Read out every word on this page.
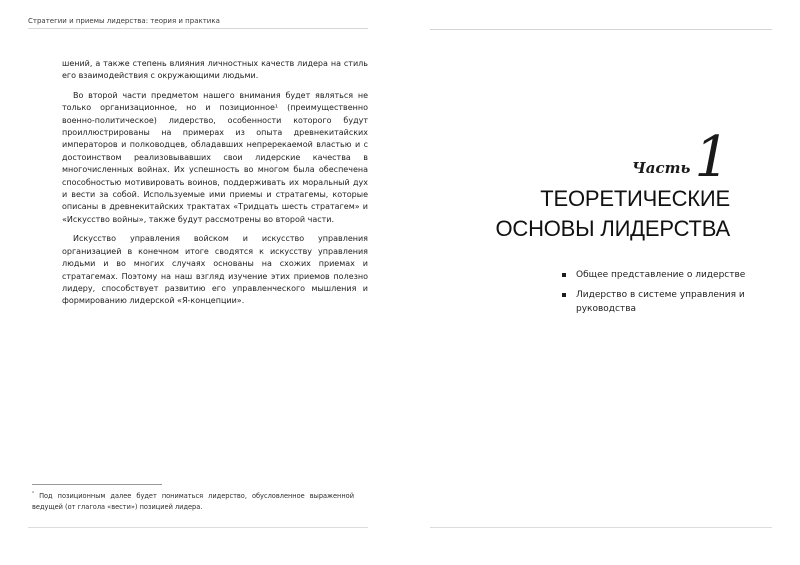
Стратегии и приемы лидерства: теория и практика

шений, а также степень влияния личностных качеств лидера на стиль его взаимодействия с окружающими людьми.

Во второй части предметом нашего внимания будет являться не только организационное, но и позиционное¹ (преимущественно военно-политическое) лидерство, особенности которого будут проиллюстрированы на примерах из опыта древнекитайских императоров и полководцев, обладавших непререкаемой властью и с достоинством реализовывавших свои лидерские качества в многочисленных войнах. Их успешность во многом была обеспечена способностью мотивировать воинов, поддерживать их моральный дух и вести за собой. Используемые ими приемы и стратагемы, которые описаны в древнекитайских трактатах «Тридцать шесть стратагем» и «Искусство войны», также будут рассмотрены во второй части.

Искусство управления войском и искусство управления организацией в конечном итоге сводятся к искусству управления людьми и во многих случаях основаны на схожих приемах и стратагемах. Поэтому на наш взгляд изучение этих приемов полезно лидеру, способствует развитию его управленческого мышления и формированию лидерской «Я-концепции».

$^{^1}$ Под позиционным далее будет пониматься лидерство, обусловленное выраженной ведущей (от глагола «вести») позицией лидера.
Часть 1
ТЕОРЕТИЧЕСКИЕ
ОСНОВЫ ЛИДЕРСТВА
Общее представление о лидерстве
Лидерство в системе управления и руководства
